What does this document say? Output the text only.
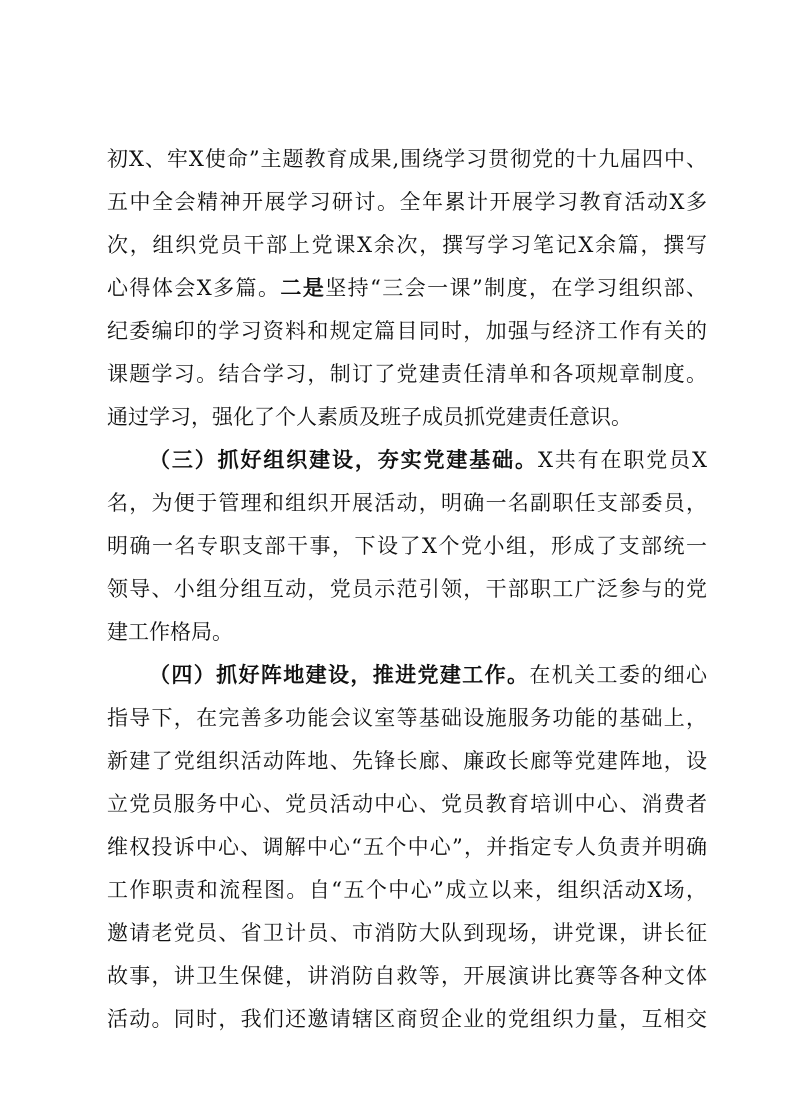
初X、牢X使命”主题教育成果,围绕学习贯彻党的十九届四中、
五中全会精神开展学习研讨。全年累计开展学习教育活动X多
次，组织党员干部上党课X余次，撰写学习笔记X余篇，撰写
心得体会X多篇。二是坚持“三会一课”制度，在学习组织部、
纪委编印的学习资料和规定篇目同时，加强与经济工作有关的
课题学习。结合学习，制订了党建责任清单和各项规章制度。
通过学习，强化了个人素质及班子成员抓党建责任意识。
（三）抓好组织建设，夯实党建基础。X共有在职党员X
名，为便于管理和组织开展活动，明确一名副职任支部委员，
明确一名专职支部干事，下设了X个党小组，形成了支部统一
领导、小组分组互动，党员示范引领，干部职工广泛参与的党
建工作格局。
（四）抓好阵地建设，推进党建工作。在机关工委的细心
指导下，在完善多功能会议室等基础设施服务功能的基础上，
新建了党组织活动阵地、先锋长廊、廉政长廊等党建阵地，设
立党员服务中心、党员活动中心、党员教育培训中心、消费者
维权投诉中心、调解中心“五个中心”，并指定专人负责并明确
工作职责和流程图。自“五个中心”成立以来，组织活动X场，
邀请老党员、省卫计员、市消防大队到现场，讲党课，讲长征
故事，讲卫生保健，讲消防自救等，开展演讲比赛等各种文体
活动。同时，我们还邀请辖区商贸企业的党组织力量，互相交
